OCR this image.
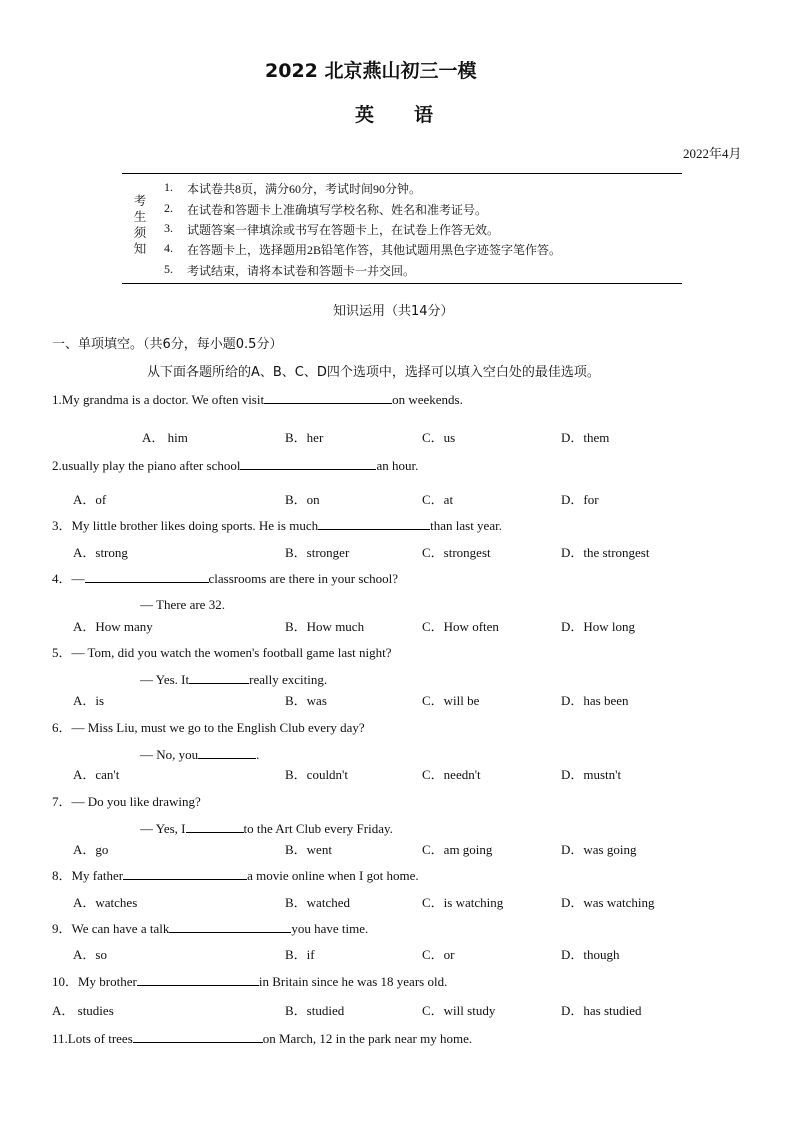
2022 北京燕山初三一模
英语
2022年4月
考
生
须
知
1. 本试卷共8页，满分60分，考试时间90分钟。
2. 在试卷和答题卡上准确填写学校名称、姓名和准考证号。
3. 试题答案一律填涂或书写在答题卡上，在试卷上作答无效。
4. 在答题卡上，选择题用2B铅笔作答，其他试题用黑色字迹签字笔作答。
5. 考试结束，请将本试卷和答题卡一并交回。
知识运用（共14分）
一、单项填空。（共6分，每小题0.5分）
从下面各题所给的A、B、C、D四个选项中，选择可以填入空白处的最佳选项。
1.My grandma is a doctor. We often visit	on weekends.
A． him	B．her	C．us	D．them
2.usually play the piano after school	an hour.
A．of	B．on	C．at	D．for
3．My little brother likes doing sports. He is much	than last year.
A．strong	B．stronger	C．strongest	D．the strongest
4．—	classrooms are there in your school?
— There are 32.
A．How many	B．How much	C．How often	D．How long
5．— Tom, did you watch the women's football game last night?
— Yes. It	really exciting.
A．is	B．was	C．will be	D．has been
6．— Miss Liu, must we go to the English Club every day?
— No, you	.
A．can't	B．couldn't	C．needn't	D．mustn't
7．— Do you like drawing?
— Yes, I	to the Art Club every Friday.
A．go	B．went	C．am going	D．was going
8．My father	a movie online when I got home.
A．watches	B．watched	C．is watching	D．was watching
9．We can have a talk	you have time.
A．so	B．if	C．or	D．though
10．My brother	in Britain since he was 18 years old.
A． studies	B．studied	C．will study	D．has studied
11.Lots of trees	on March, 12 in the park near my home.
